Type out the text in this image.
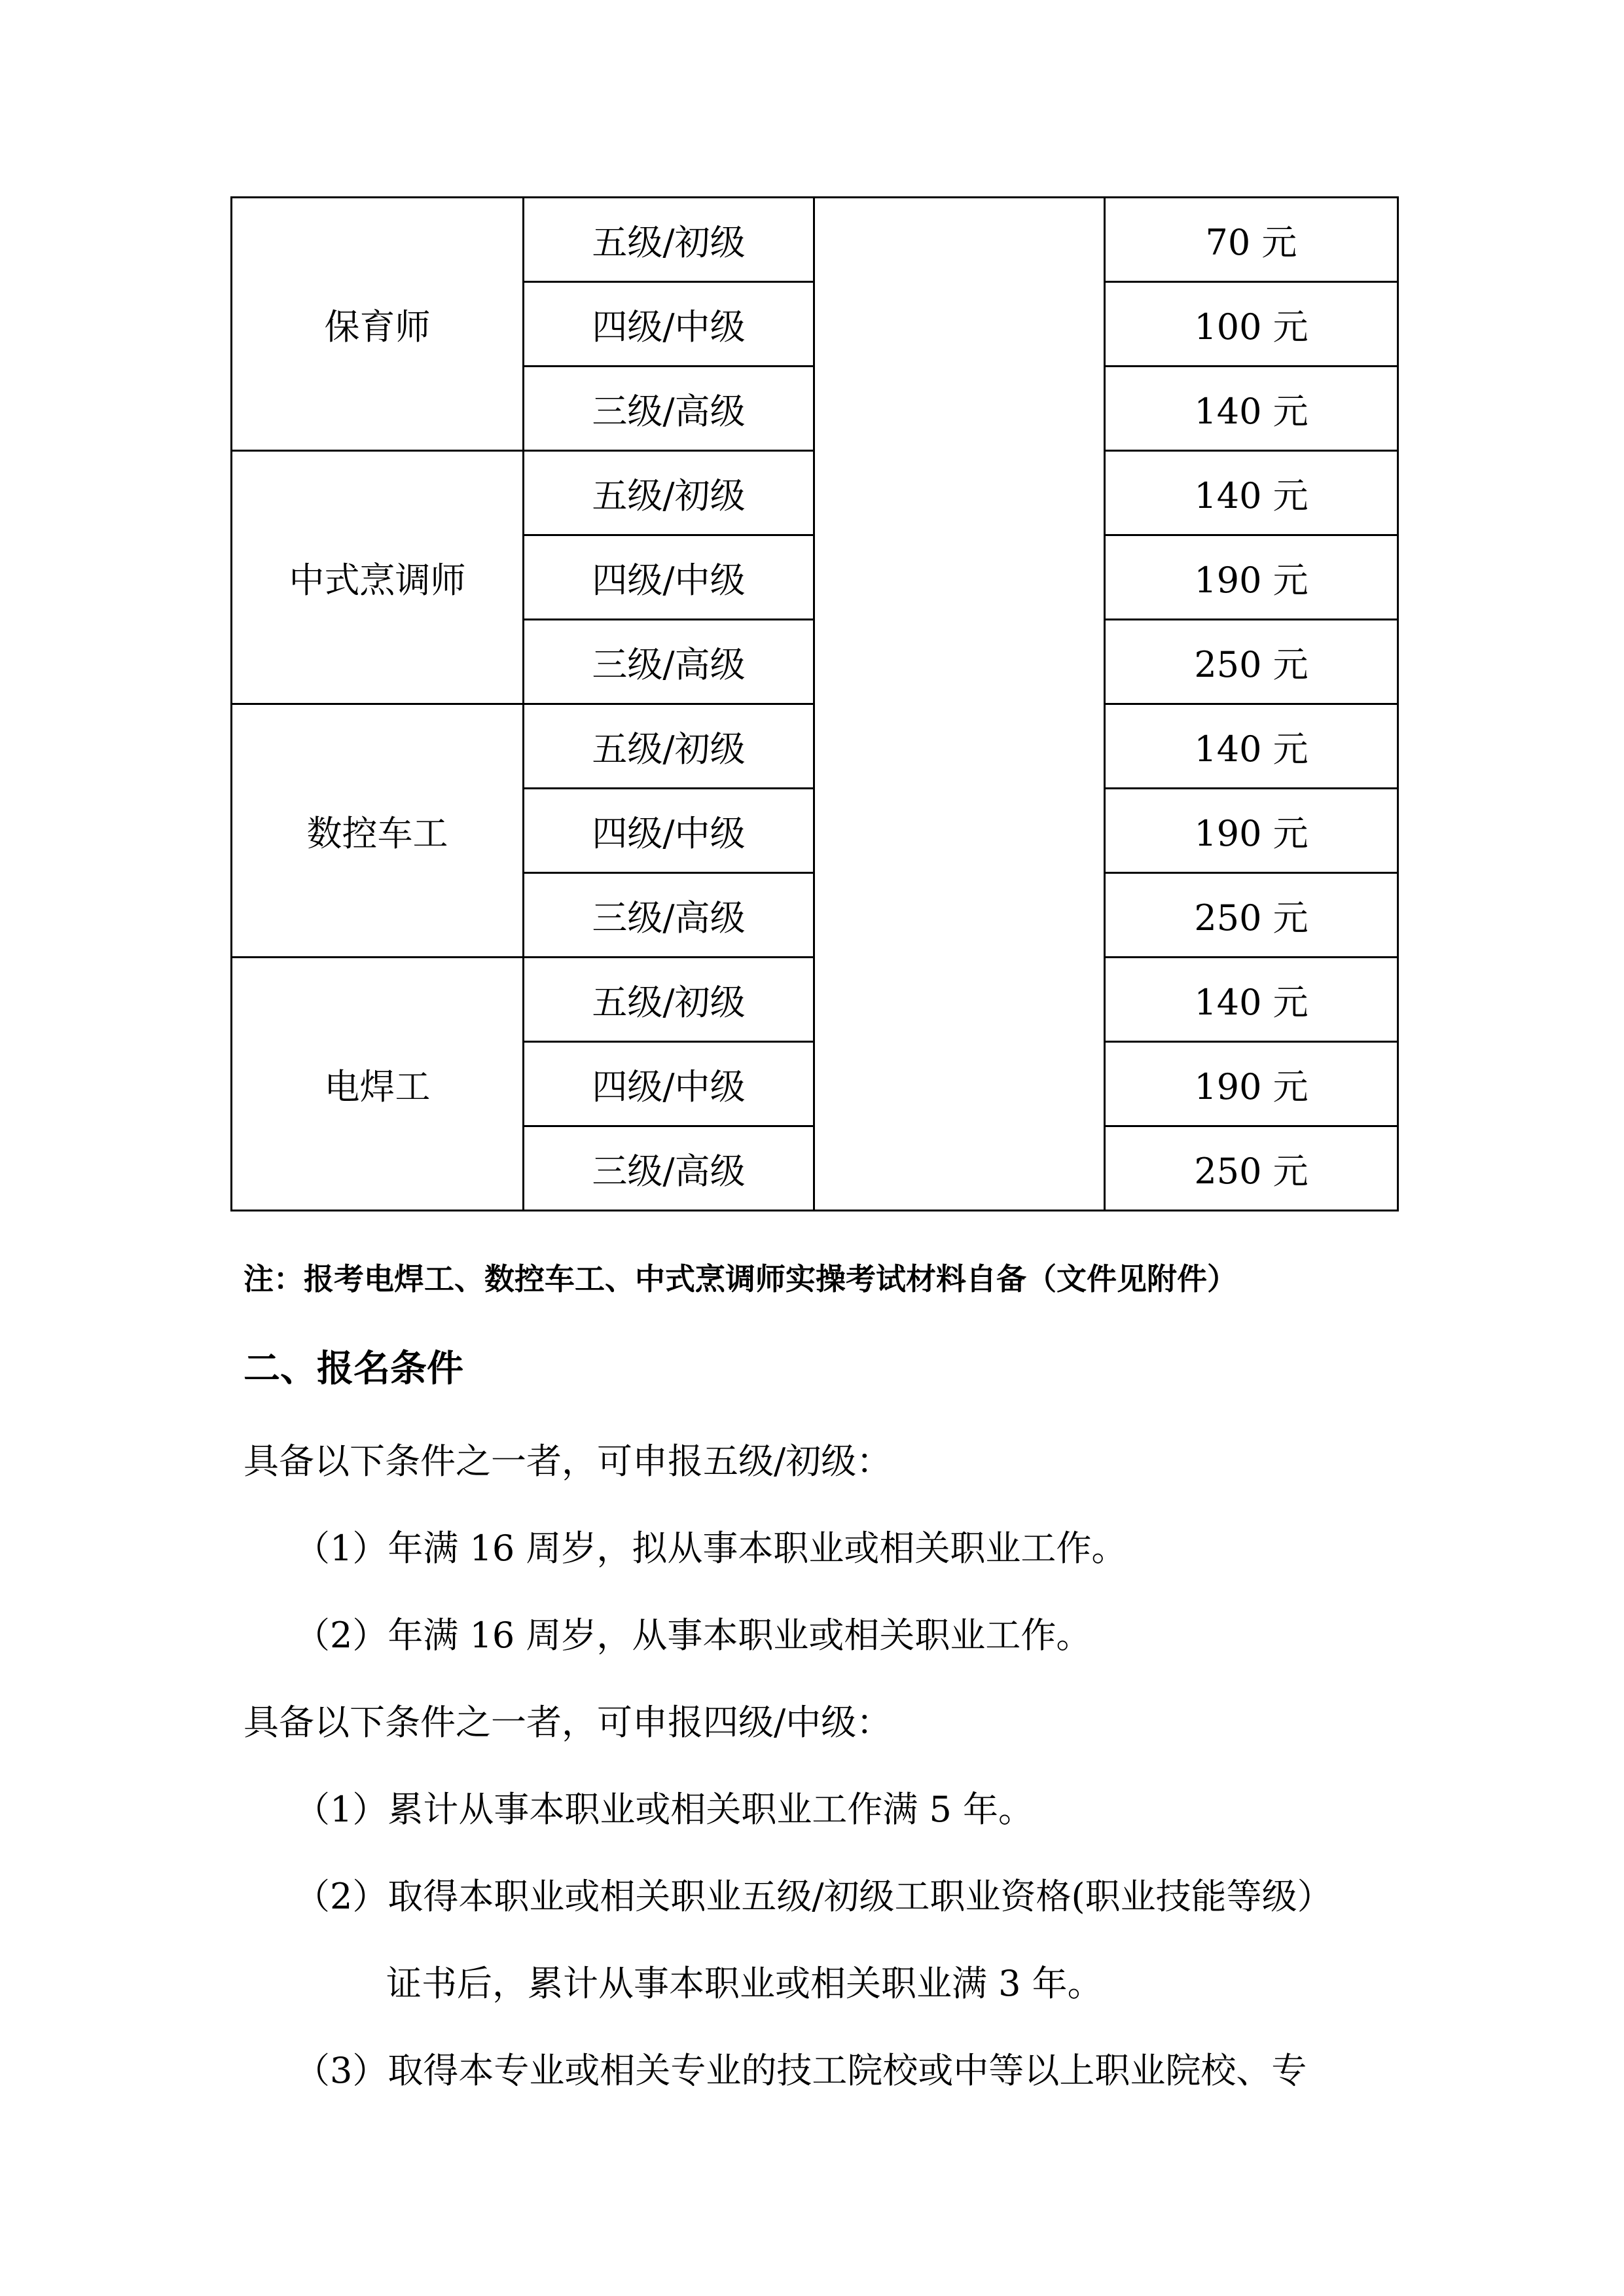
保育师	五级/初级		70 元
	四级/中级		100 元
	三级/高级		140 元
中式烹调师	五级/初级		140 元
	四级/中级		190 元
	三级/高级		250 元
数控车工	五级/初级		140 元
	四级/中级		190 元
	三级/高级		250 元
电焊工	五级/初级		140 元
	四级/中级		190 元
	三级/高级		250 元
注：报考电焊工、数控车工、中式烹调师实操考试材料自备（文件见附件）
二、报名条件
具备以下条件之一者，可申报五级/初级：
（1）年满 16 周岁，拟从事本职业或相关职业工作。
（2）年满 16 周岁，从事本职业或相关职业工作。
具备以下条件之一者，可申报四级/中级：
（1）累计从事本职业或相关职业工作满 5 年。
（2）取得本职业或相关职业五级/初级工职业资格(职业技能等级）
证书后，累计从事本职业或相关职业满 3 年。
（3）取得本专业或相关专业的技工院校或中等以上职业院校、专
